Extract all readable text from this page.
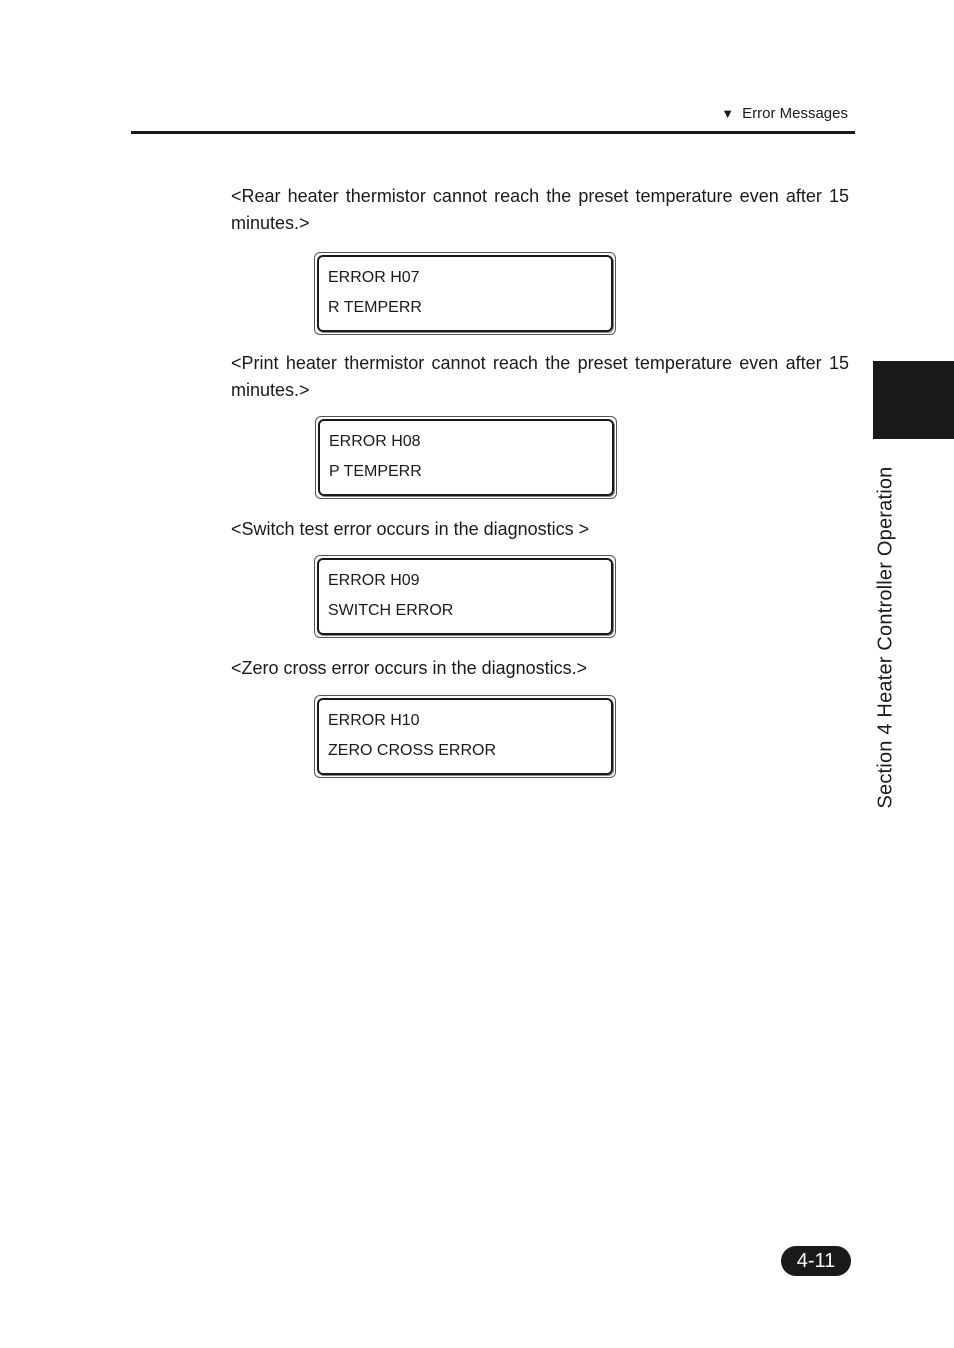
▼ Error Messages
Section 4 Heater Controller Operation
<Rear heater thermistor cannot reach the preset temperature even after 15 minutes.>
ERROR H07
R TEMPERR
<Print heater thermistor cannot reach the preset temperature even after 15 minutes.>
ERROR H08
P TEMPERR
<Switch test error occurs in the diagnostics >
ERROR H09
SWITCH ERROR
<Zero cross error occurs in the diagnostics.>
ERROR H10
ZERO CROSS ERROR
4-11
